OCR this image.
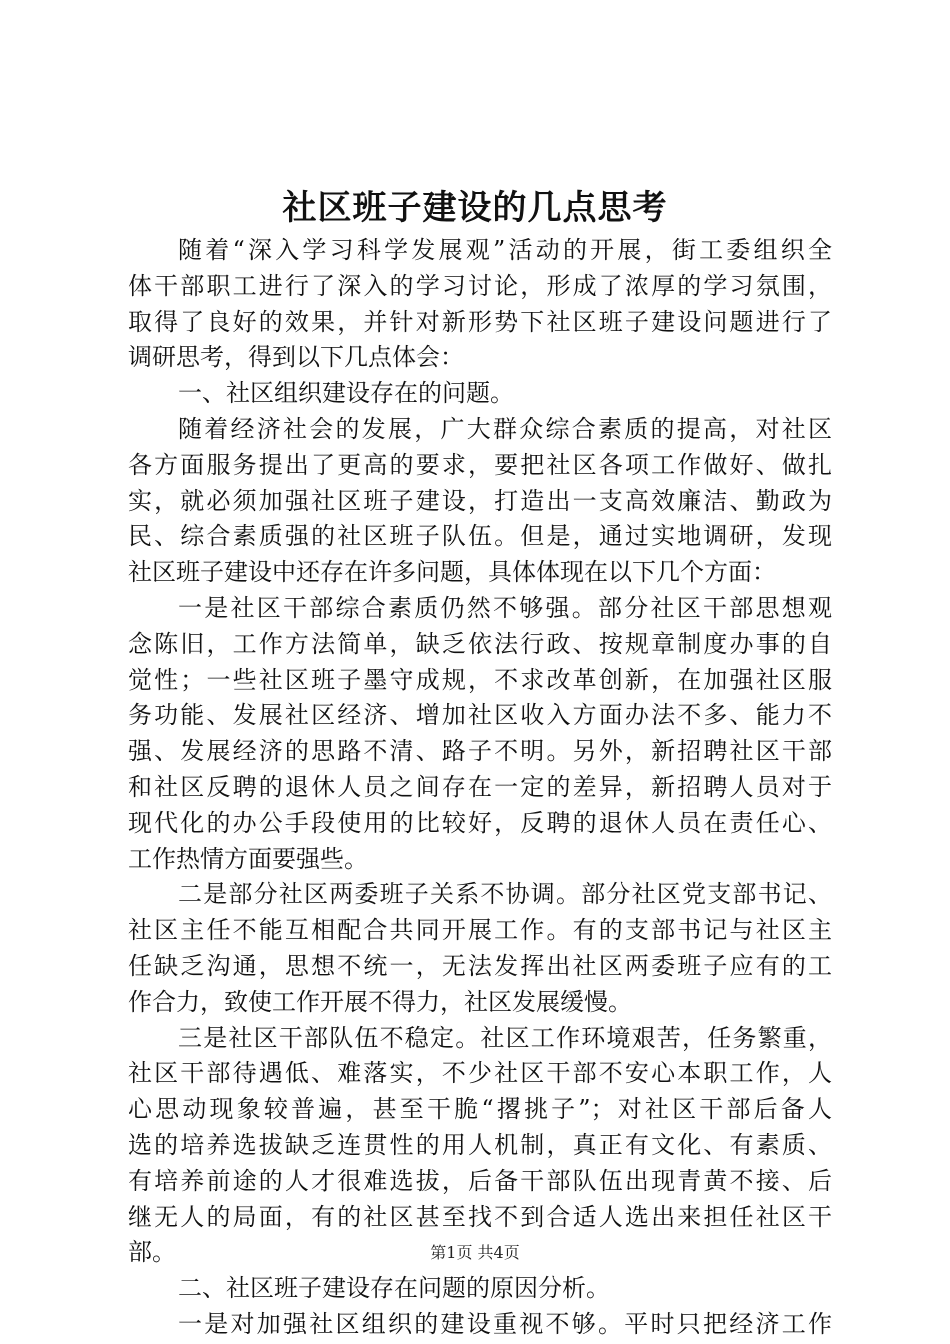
社区班子建设的几点思考
随着“深入学习科学发展观”活动的开展，街工委组织全
体干部职工进行了深入的学习讨论，形成了浓厚的学习氛围，
取得了良好的效果，并针对新形势下社区班子建设问题进行了
调研思考，得到以下几点体会：
一、社区组织建设存在的问题。
随着经济社会的发展，广大群众综合素质的提高，对社区
各方面服务提出了更高的要求，要把社区各项工作做好、做扎
实，就必须加强社区班子建设，打造出一支高效廉洁、勤政为
民、综合素质强的社区班子队伍。但是，通过实地调研，发现
社区班子建设中还存在许多问题，具体体现在以下几个方面：
一是社区干部综合素质仍然不够强。部分社区干部思想观
念陈旧，工作方法简单，缺乏依法行政、按规章制度办事的自
觉性；一些社区班子墨守成规，不求改革创新，在加强社区服
务功能、发展社区经济、增加社区收入方面办法不多、能力不
强、发展经济的思路不清、路子不明。另外，新招聘社区干部
和社区反聘的退休人员之间存在一定的差异，新招聘人员对于
现代化的办公手段使用的比较好，反聘的退休人员在责任心、
工作热情方面要强些。
二是部分社区两委班子关系不协调。部分社区党支部书记、
社区主任不能互相配合共同开展工作。有的支部书记与社区主
任缺乏沟通，思想不统一，无法发挥出社区两委班子应有的工
作合力，致使工作开展不得力，社区发展缓慢。
三是社区干部队伍不稳定。社区工作环境艰苦，任务繁重，
社区干部待遇低、难落实，不少社区干部不安心本职工作，人
心思动现象较普遍，甚至干脆“撂挑子”；对社区干部后备人
选的培养选拔缺乏连贯性的用人机制，真正有文化、有素质、
有培养前途的人才很难选拔，后备干部队伍出现青黄不接、后
继无人的局面，有的社区甚至找不到合适人选出来担任社区干
部。
二、社区班子建设存在问题的原因分析。
一是对加强社区组织的建设重视不够。平时只把经济工作
第1页 共4页
